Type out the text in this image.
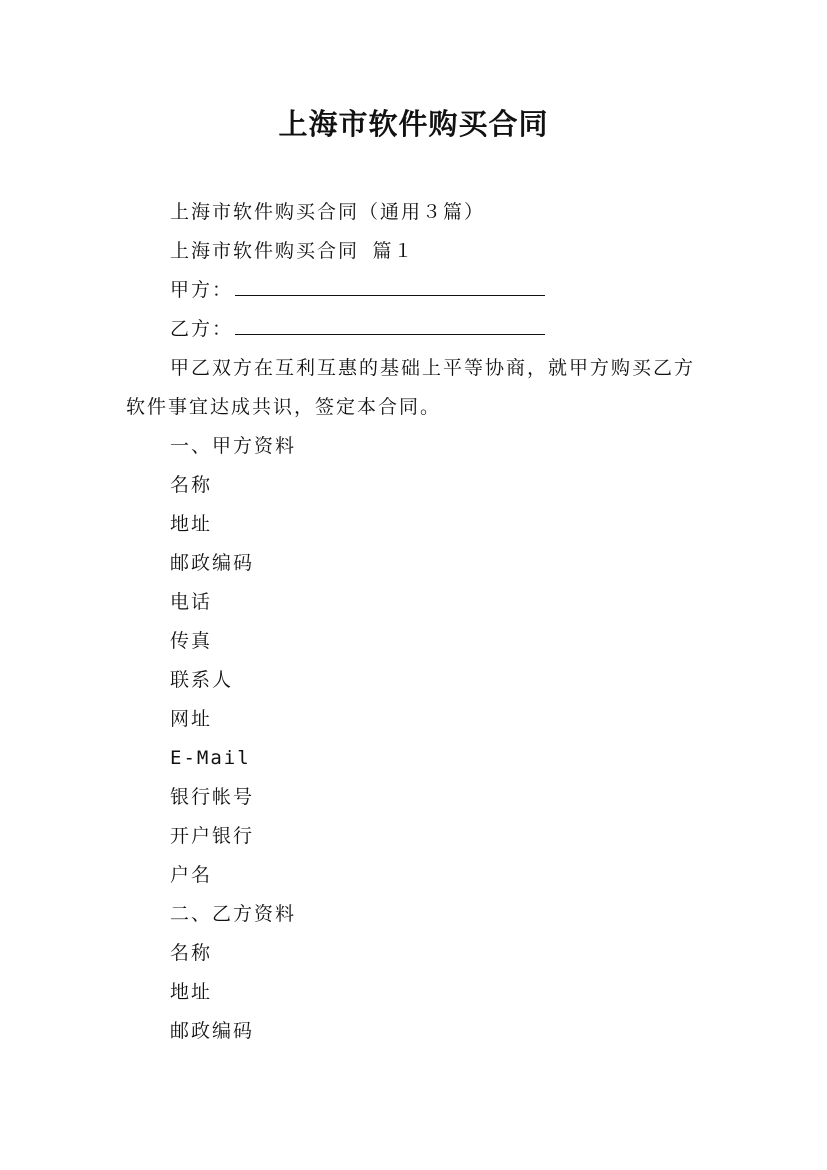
上海市软件购买合同
上海市软件购买合同（通用３篇）
上海市软件购买合同 篇１
甲方：
乙方：

甲乙双方在互利互惠的基础上平等协商，就甲方购买乙方软件事宜达成共识，签定本合同。

一、甲方资料
名称
地址
邮政编码
电话
传真
联系人
网址
E-Mail
银行帐号
开户银行
户名
二、乙方资料
名称
地址
邮政编码
